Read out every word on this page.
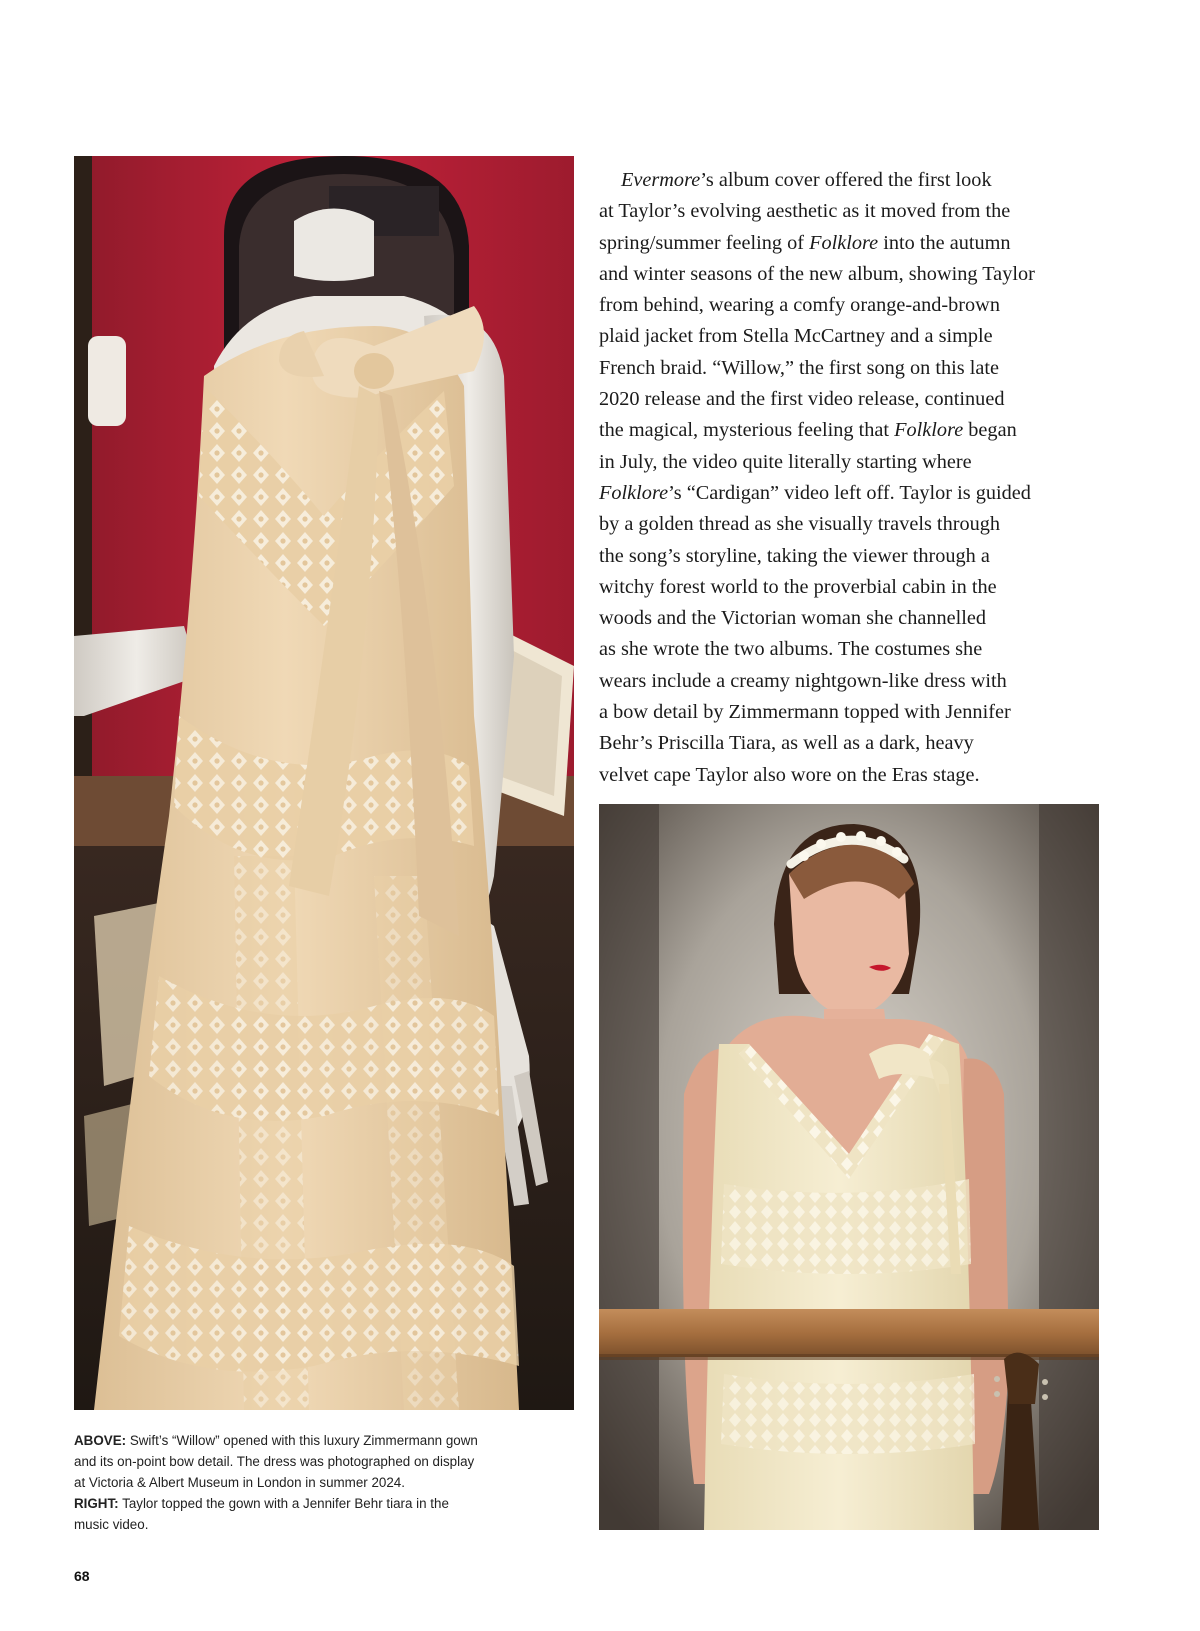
Evermore’s album cover offered the first look
at Taylor’s evolving aesthetic as it moved from the
spring/summer feeling of Folklore into the autumn
and winter seasons of the new album, showing Taylor
from behind, wearing a comfy orange-and-brown
plaid jacket from Stella McCartney and a simple
French braid. “Willow,” the first song on this late
2020 release and the first video release, continued
the magical, mysterious feeling that Folklore began
in July, the video quite literally starting where
Folklore’s “Cardigan” video left off. Taylor is guided
by a golden thread as she visually travels through
the song’s storyline, taking the viewer through a
witchy forest world to the proverbial cabin in the
woods and the Victorian woman she channelled
as she wrote the two albums. The costumes she
wears include a creamy nightgown-like dress with
a bow detail by Zimmermann topped with Jennifer
Behr’s Priscilla Tiara, as well as a dark, heavy
velvet cape Taylor also wore on the Eras stage.
ABOVE: Swift’s “Willow” opened with this luxury Zimmermann gown
and its on-point bow detail. The dress was photographed on display
at Victoria & Albert Museum in London in summer 2024.
RIGHT: Taylor topped the gown with a Jennifer Behr tiara in the
music video.
68
